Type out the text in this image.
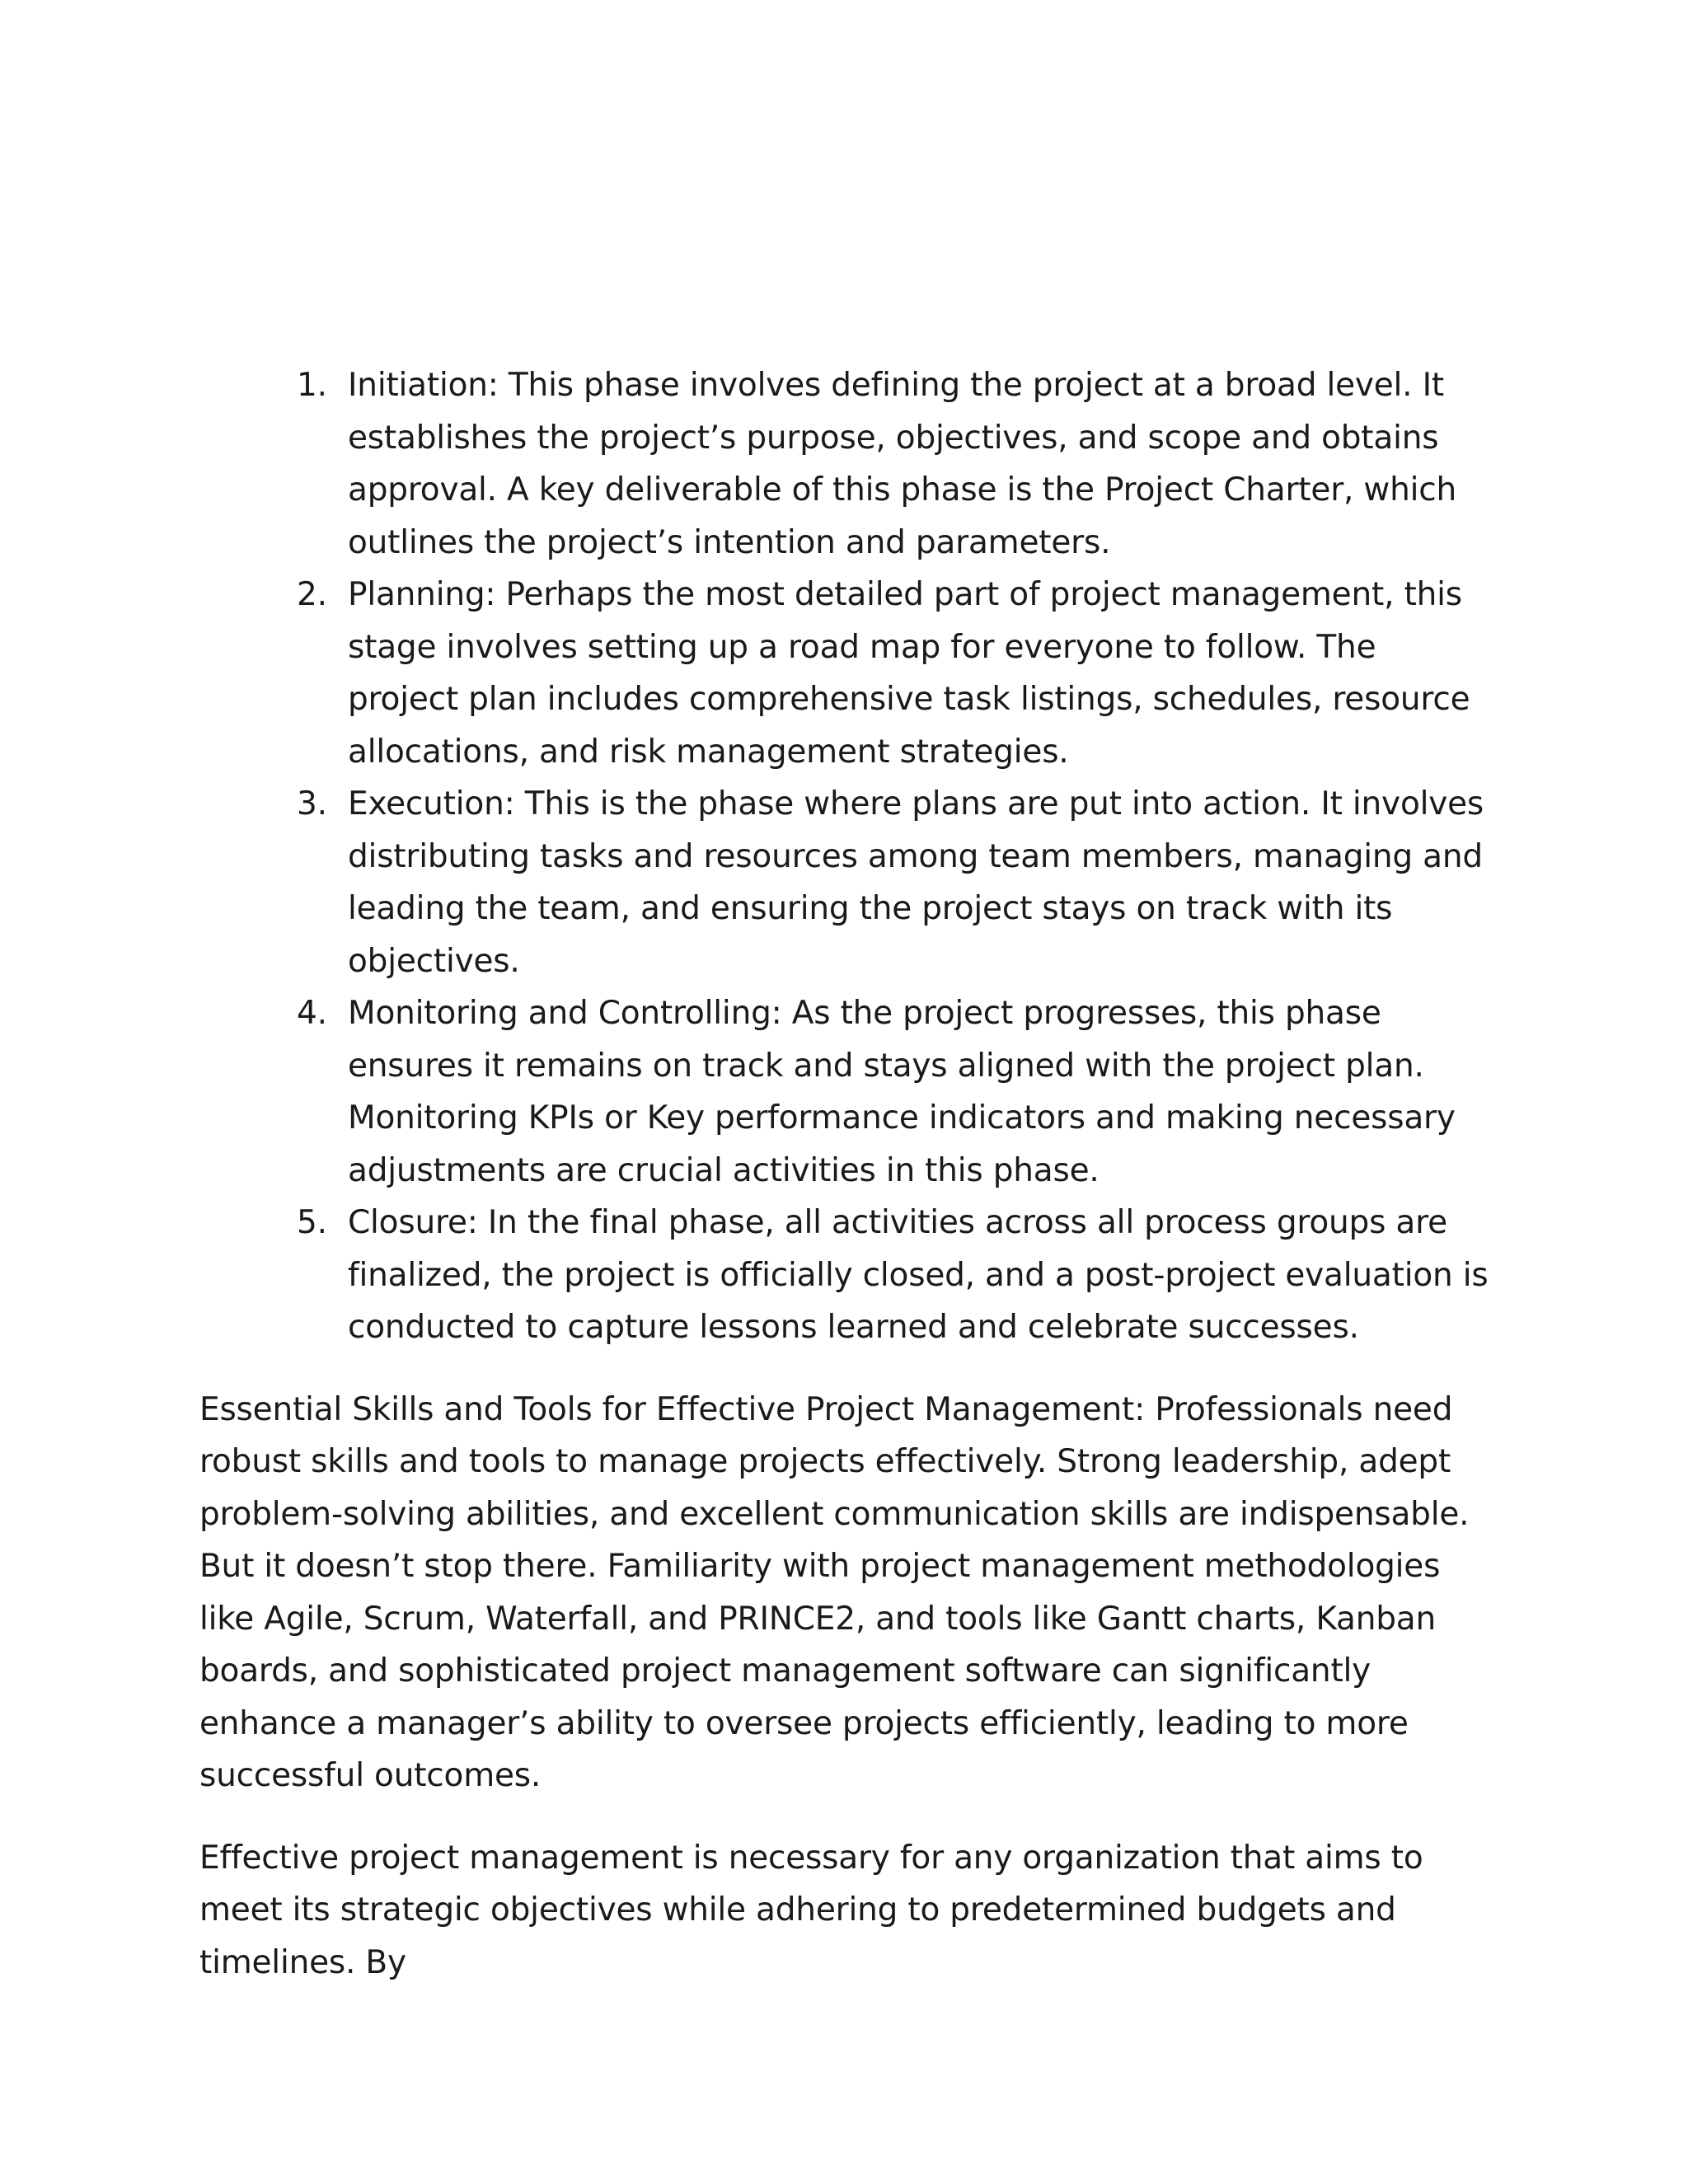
1. Initiation: This phase involves defining the project at a broad level. It establishes the project’s purpose, objectives, and scope and obtains approval. A key deliverable of this phase is the Project Charter, which outlines the project’s intention and parameters.
2. Planning: Perhaps the most detailed part of project management, this stage involves setting up a road map for everyone to follow. The project plan includes comprehensive task listings, schedules, resource allocations, and risk management strategies.
3. Execution: This is the phase where plans are put into action. It involves distributing tasks and resources among team members, managing and leading the team, and ensuring the project stays on track with its objectives.
4. Monitoring and Controlling: As the project progresses, this phase ensures it remains on track and stays aligned with the project plan. Monitoring KPIs or Key performance indicators and making necessary adjustments are crucial activities in this phase.
5. Closure: In the final phase, all activities across all process groups are finalized, the project is officially closed, and a post-project evaluation is conducted to capture lessons learned and celebrate successes.

Essential Skills and Tools for Effective Project Management: Professionals need robust skills and tools to manage projects effectively. Strong leadership, adept problem-solving abilities, and excellent communication skills are indispensable. But it doesn’t stop there. Familiarity with project management methodologies like Agile, Scrum, Waterfall, and PRINCE2, and tools like Gantt charts, Kanban boards, and sophisticated project management software can significantly enhance a manager’s ability to oversee projects efficiently, leading to more successful outcomes.

Effective project management is necessary for any organization that aims to meet its strategic objectives while adhering to predetermined budgets and timelines. By
